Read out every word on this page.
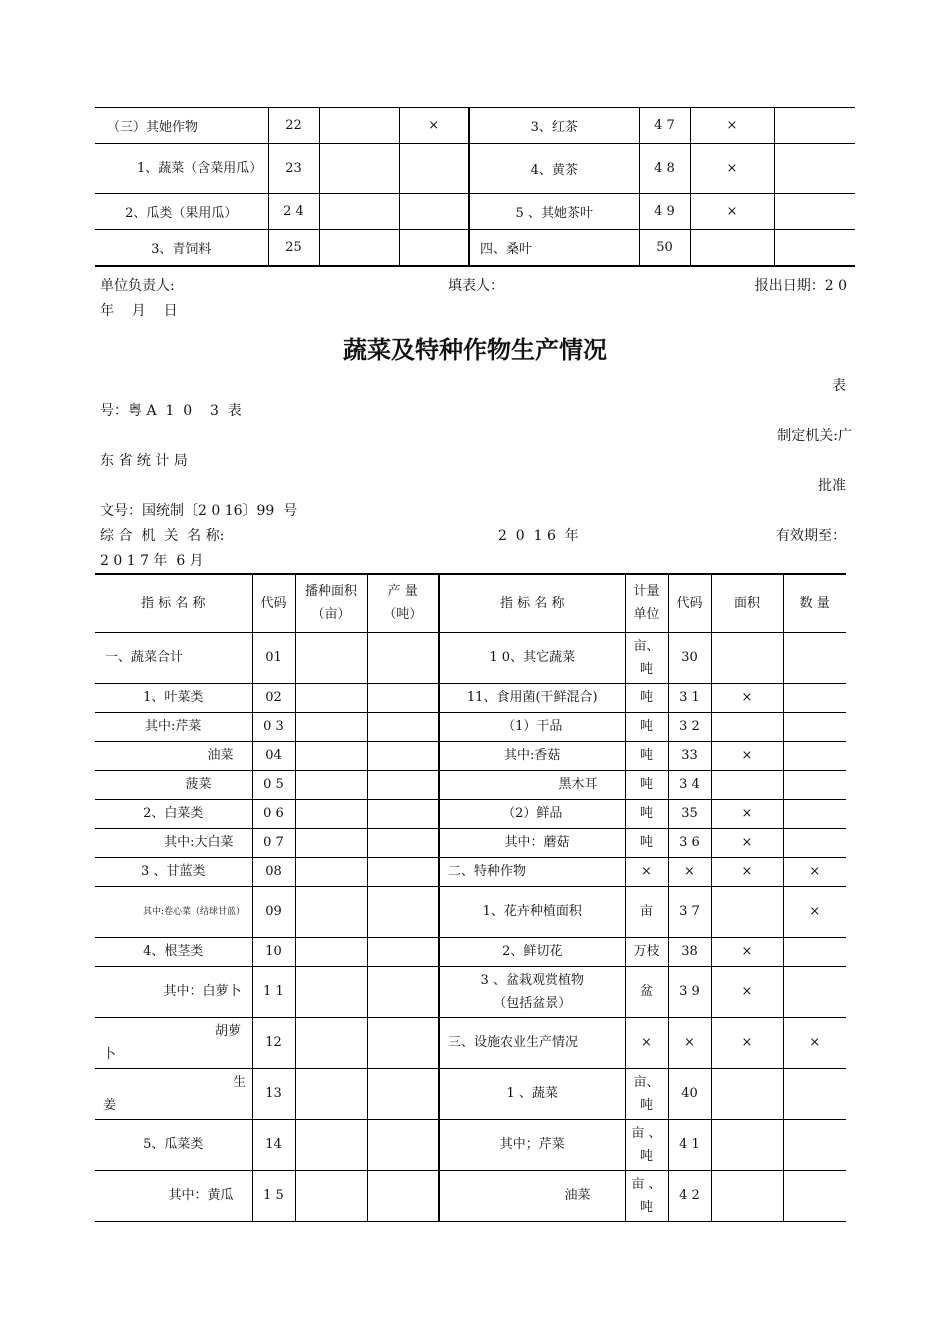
（三）其她作物	22		×	3、红茶	4 7	×	
1、蔬菜（含菜用瓜）	23			4、黄茶	4 8	×	
2、瓜类（果用瓜）	2 4			5 、其她茶叶	4 9	×	
3、青饲料	25			四、桑叶	50		
单位负责人:	填表人：	报出日期：2 0
年    月    日
蔬菜及特种作物生产情况
表
号：粤 A  1  0    3  表
制定机关:广
东 省 统 计 局
批准
文号：国统制〔2 0 16〕99  号
综 合  机  关  名 称:	2  0  1 6  年	有效期至：
2 0 1 7 年  6 月
指 标 名 称	代码	播种面积（亩）	产 量（吨）	指 标 名 称	计量单位	代码	面积	数 量
一、蔬菜合计	01			1 0、其它蔬菜	亩、吨	30		
1、叶菜类	02			11、食用菌(干鲜混合)	吨	3 1	×	
其中:芹菜	0 3			（1）干品	吨	3 2		
油菜	04			其中:香菇	吨	33	×	
菠菜	0 5			黑木耳	吨	3 4		
2、白菜类	0 6			（2）鲜品	吨	35	×	
其中:大白菜	0 7			其中：蘑菇	吨	3 6	×	
3 、甘蓝类	08			二、特种作物	×	×	×	×
其中:卷心菜（结球甘蓝）	09			1、花卉种植面积	亩	3 7		×
4、根茎类	10			2、鲜切花	万枝	38	×	
其中：白萝卜	1 1			3 、盆栽观赏植物（包括盆景）	盆	3 9	×	
胡萝卜	12			三、设施农业生产情况	×	×	×	×
生姜	13			1 、蔬菜	亩、吨	40		
5、瓜菜类	14			其中；芹菜	亩 、吨	4 1		
其中：黄瓜	1 5			油菜	亩 、吨	4 2		
